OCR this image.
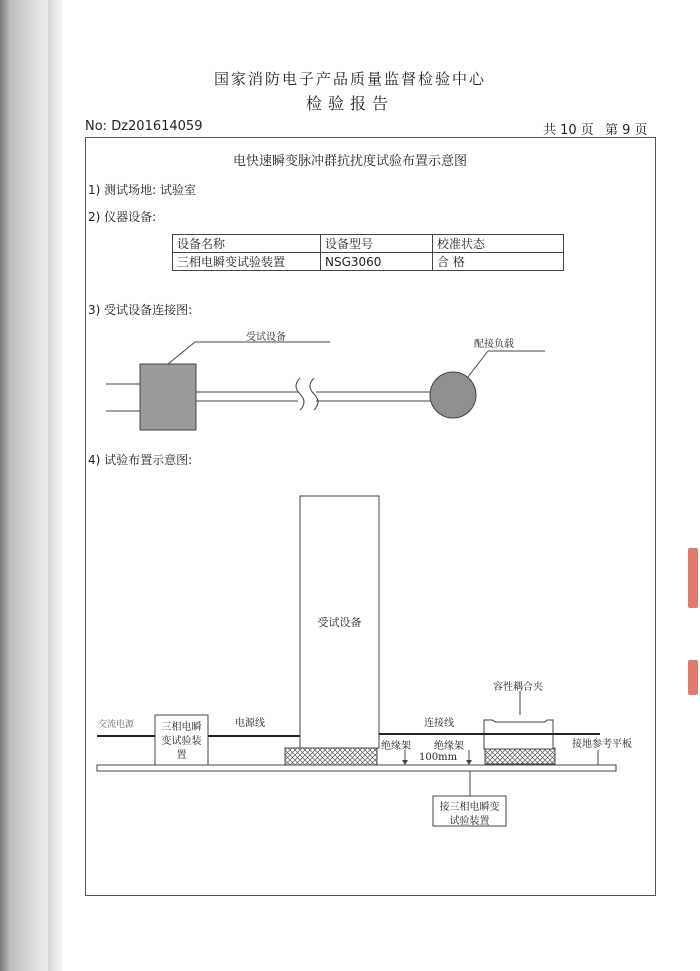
国家消防电子产品质量监督检验中心
检验报告
No: Dz201614059	共 10 页 第 9 页
电快速瞬变脉冲群抗扰度试验布置示意图
1) 测试场地: 试验室
2) 仪器设备:
设备名称	设备型号	校准状态
三相电瞬变试验装置	NSG3060	合 格
3) 受试设备连接图:
受试设备
配接负载
4) 试验布置示意图:
受试设备
交流电源	三相电瞬
变试验装
置
电源线	连接线
绝缘架 绝缘架
100mm
容性耦合夹
接地参考平板
接三相电瞬变
试验装置
